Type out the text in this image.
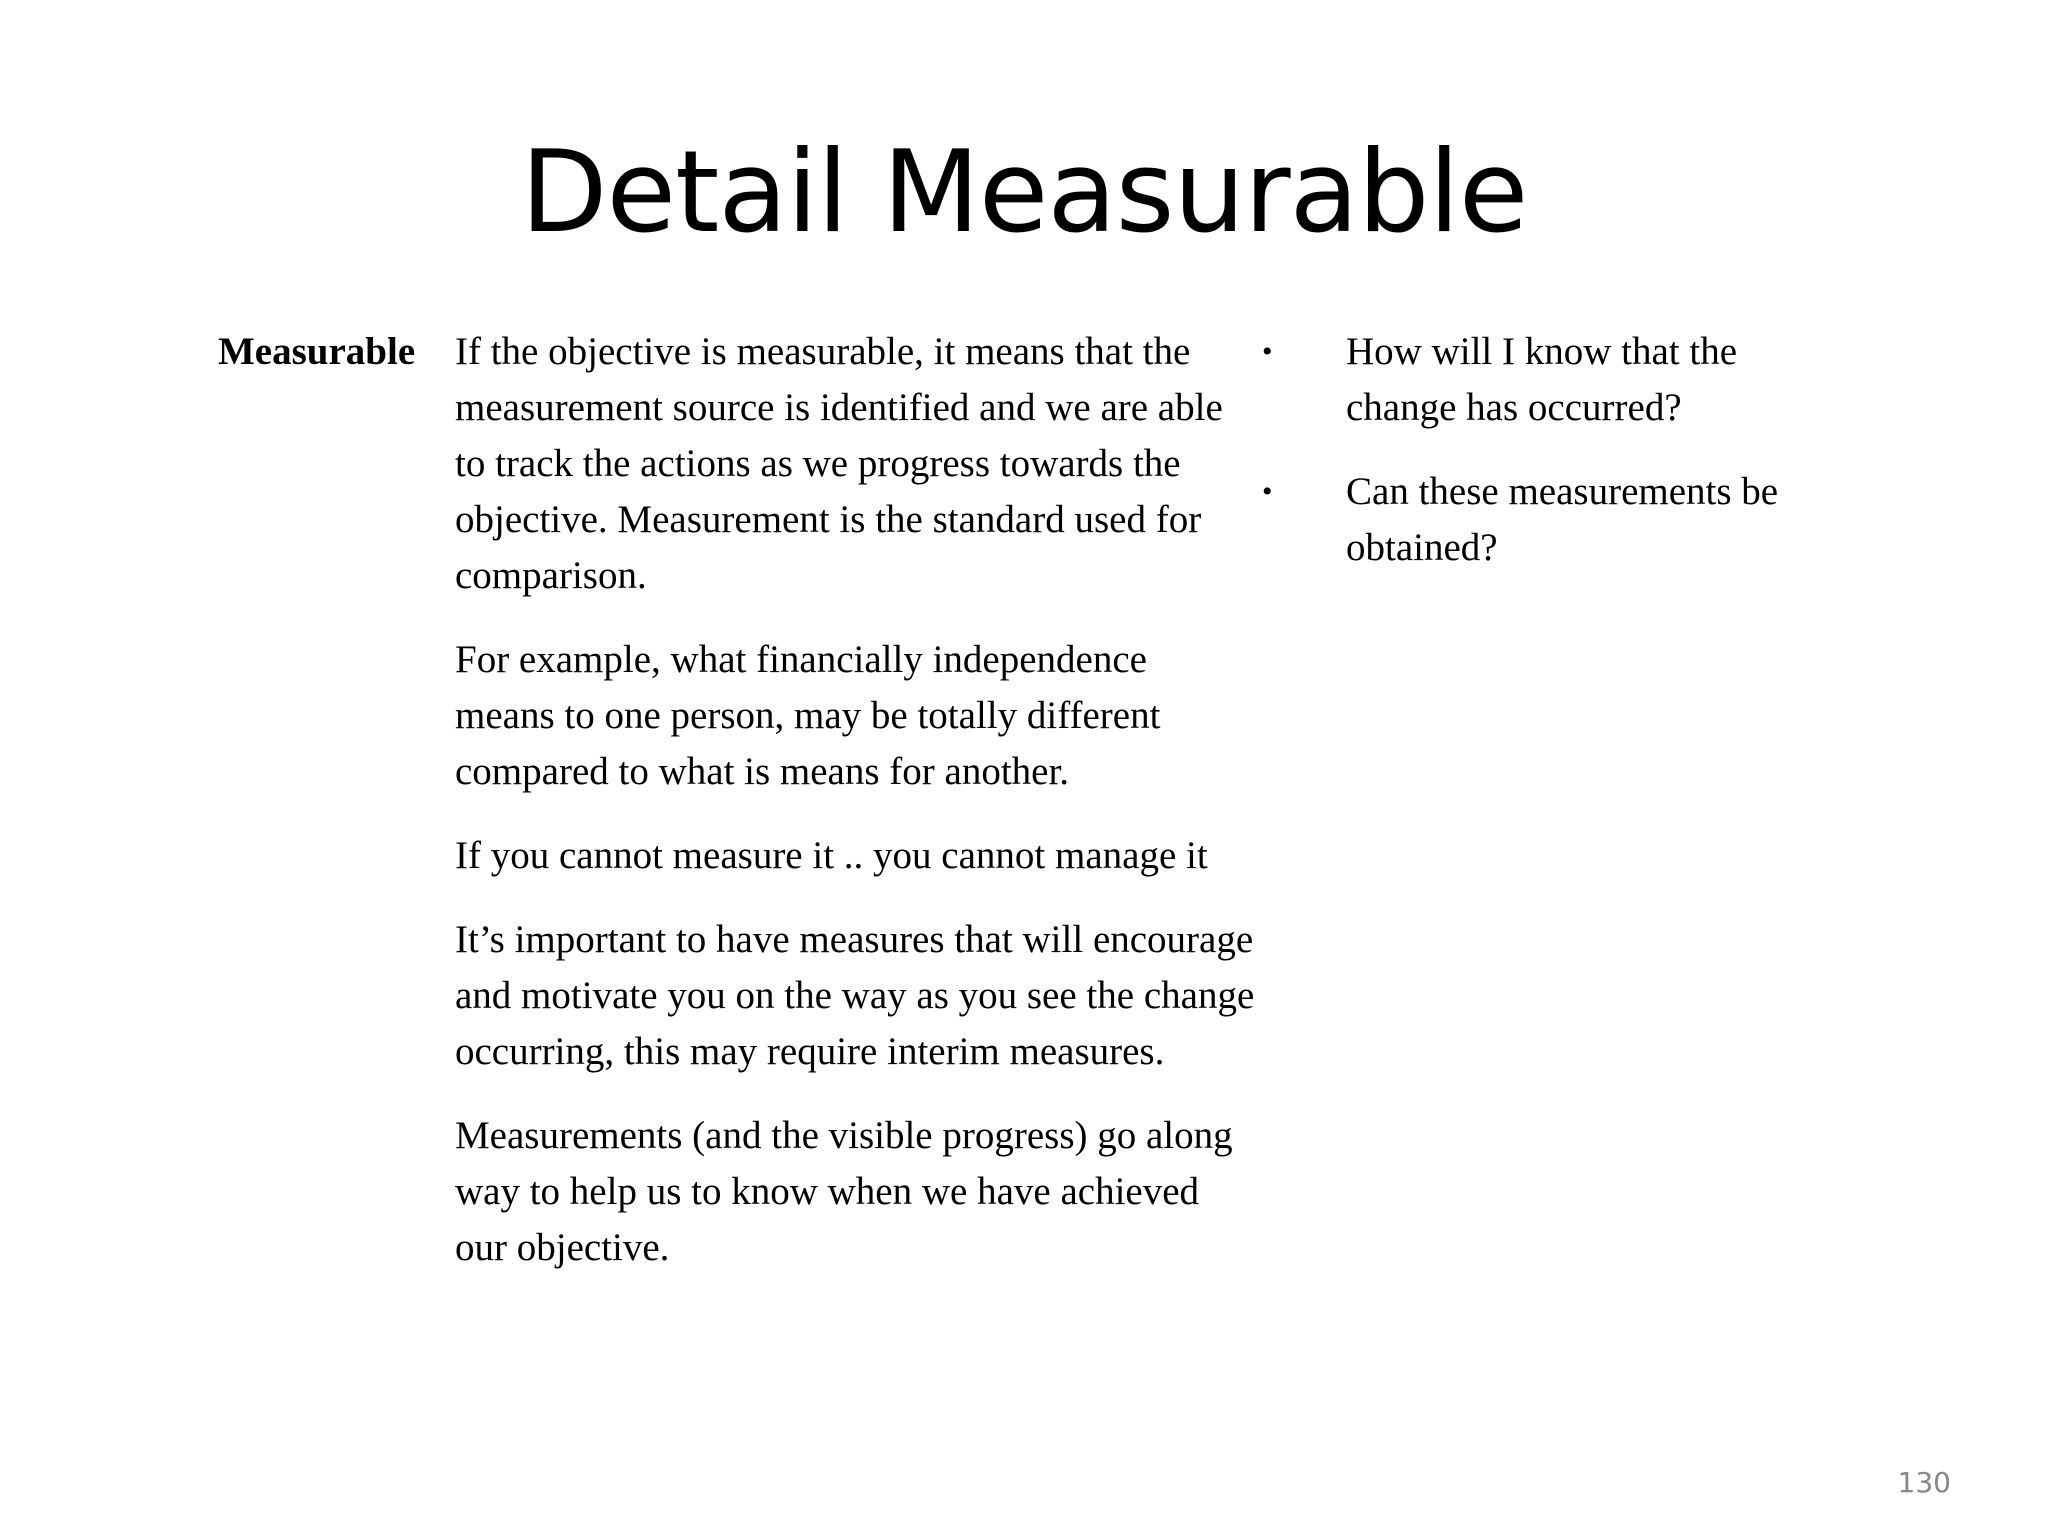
Detail Measurable
Measurable If the objective is measurable, it means that the measurement source is identified and we are able to track the actions as we progress towards the objective. Measurement is the standard used for comparison.

For example, what financially independence means to one person, may be totally different compared to what is means for another.

If you cannot measure it .. you cannot manage it

It’s important to have measures that will encourage and motivate you on the way as you see the change occurring, this may require interim measures.

Measurements (and the visible progress) go along way to help us to know when we have achieved our objective.

• How will I know that the change has occurred?
• Can these measurements be obtained?
130
